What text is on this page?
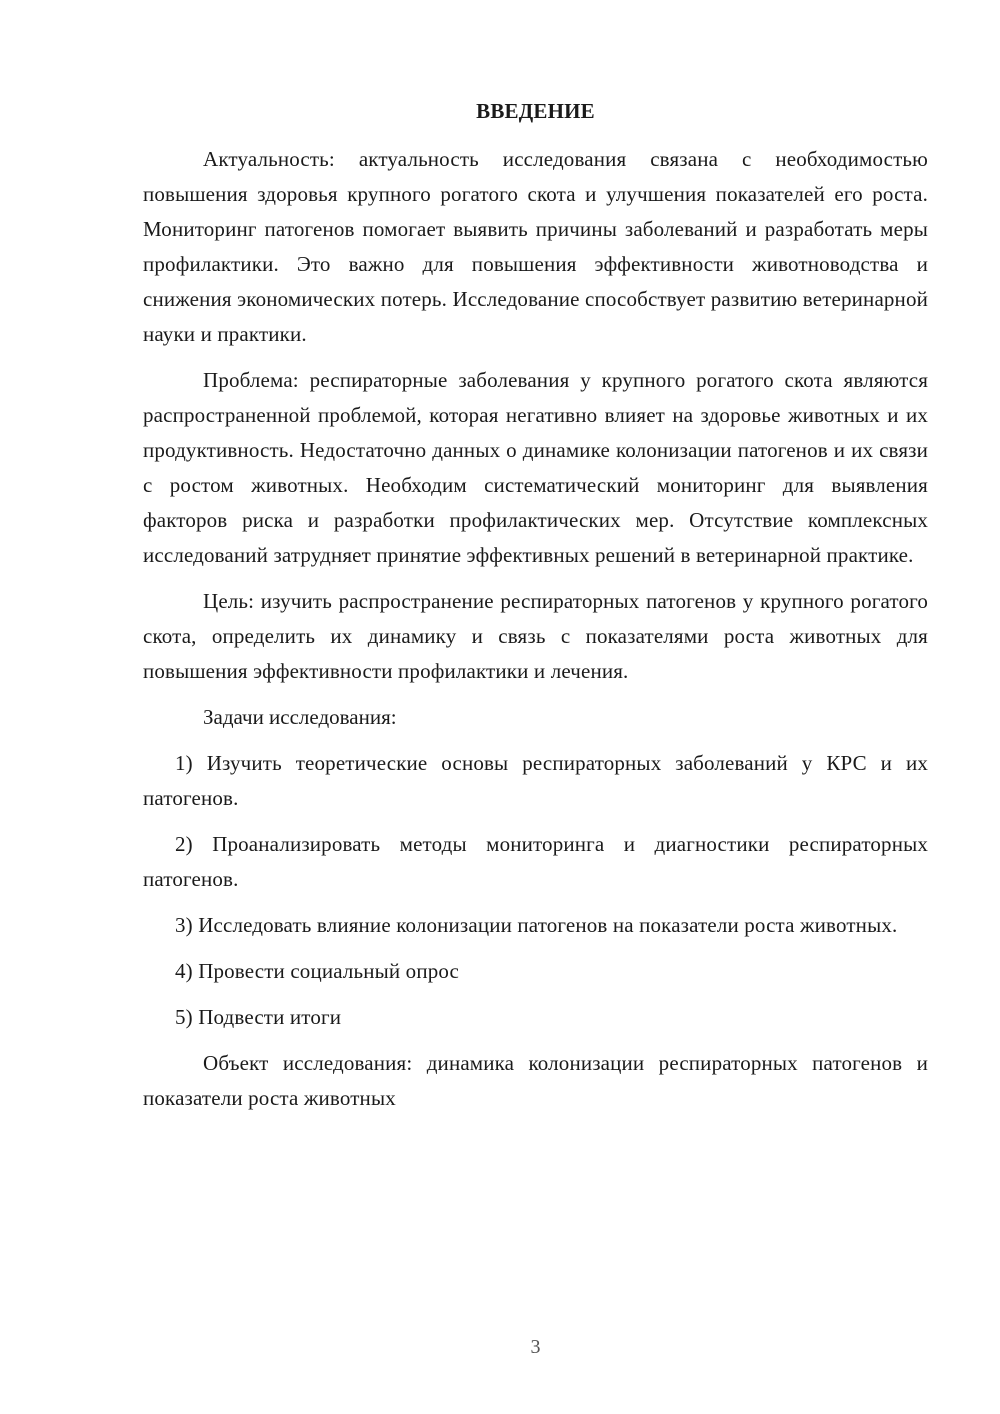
ВВЕДЕНИЕ

Актуальность: актуальность исследования связана с необходимостью повышения здоровья крупного рогатого скота и улучшения показателей его роста. Мониторинг патогенов помогает выявить причины заболеваний и разработать меры профилактики. Это важно для повышения эффективности животноводства и снижения экономических потерь. Исследование способствует развитию ветеринарной науки и практики.

Проблема: респираторные заболевания у крупного рогатого скота являются распространенной проблемой, которая негативно влияет на здоровье животных и их продуктивность. Недостаточно данных о динамике колонизации патогенов и их связи с ростом животных. Необходим систематический мониторинг для выявления факторов риска и разработки профилактических мер. Отсутствие комплексных исследований затрудняет принятие эффективных решений в ветеринарной практике.

Цель: изучить распространение респираторных патогенов у крупного рогатого скота, определить их динамику и связь с показателями роста животных для повышения эффективности профилактики и лечения.

Задачи исследования:

1) Изучить теоретические основы респираторных заболеваний у КРС и их патогенов.

2) Проанализировать методы мониторинга и диагностики респираторных патогенов.

3) Исследовать влияние колонизации патогенов на показатели роста животных.

4) Провести социальный опрос

5) Подвести итоги

Объект исследования: динамика колонизации респираторных патогенов и показатели роста животных

3
